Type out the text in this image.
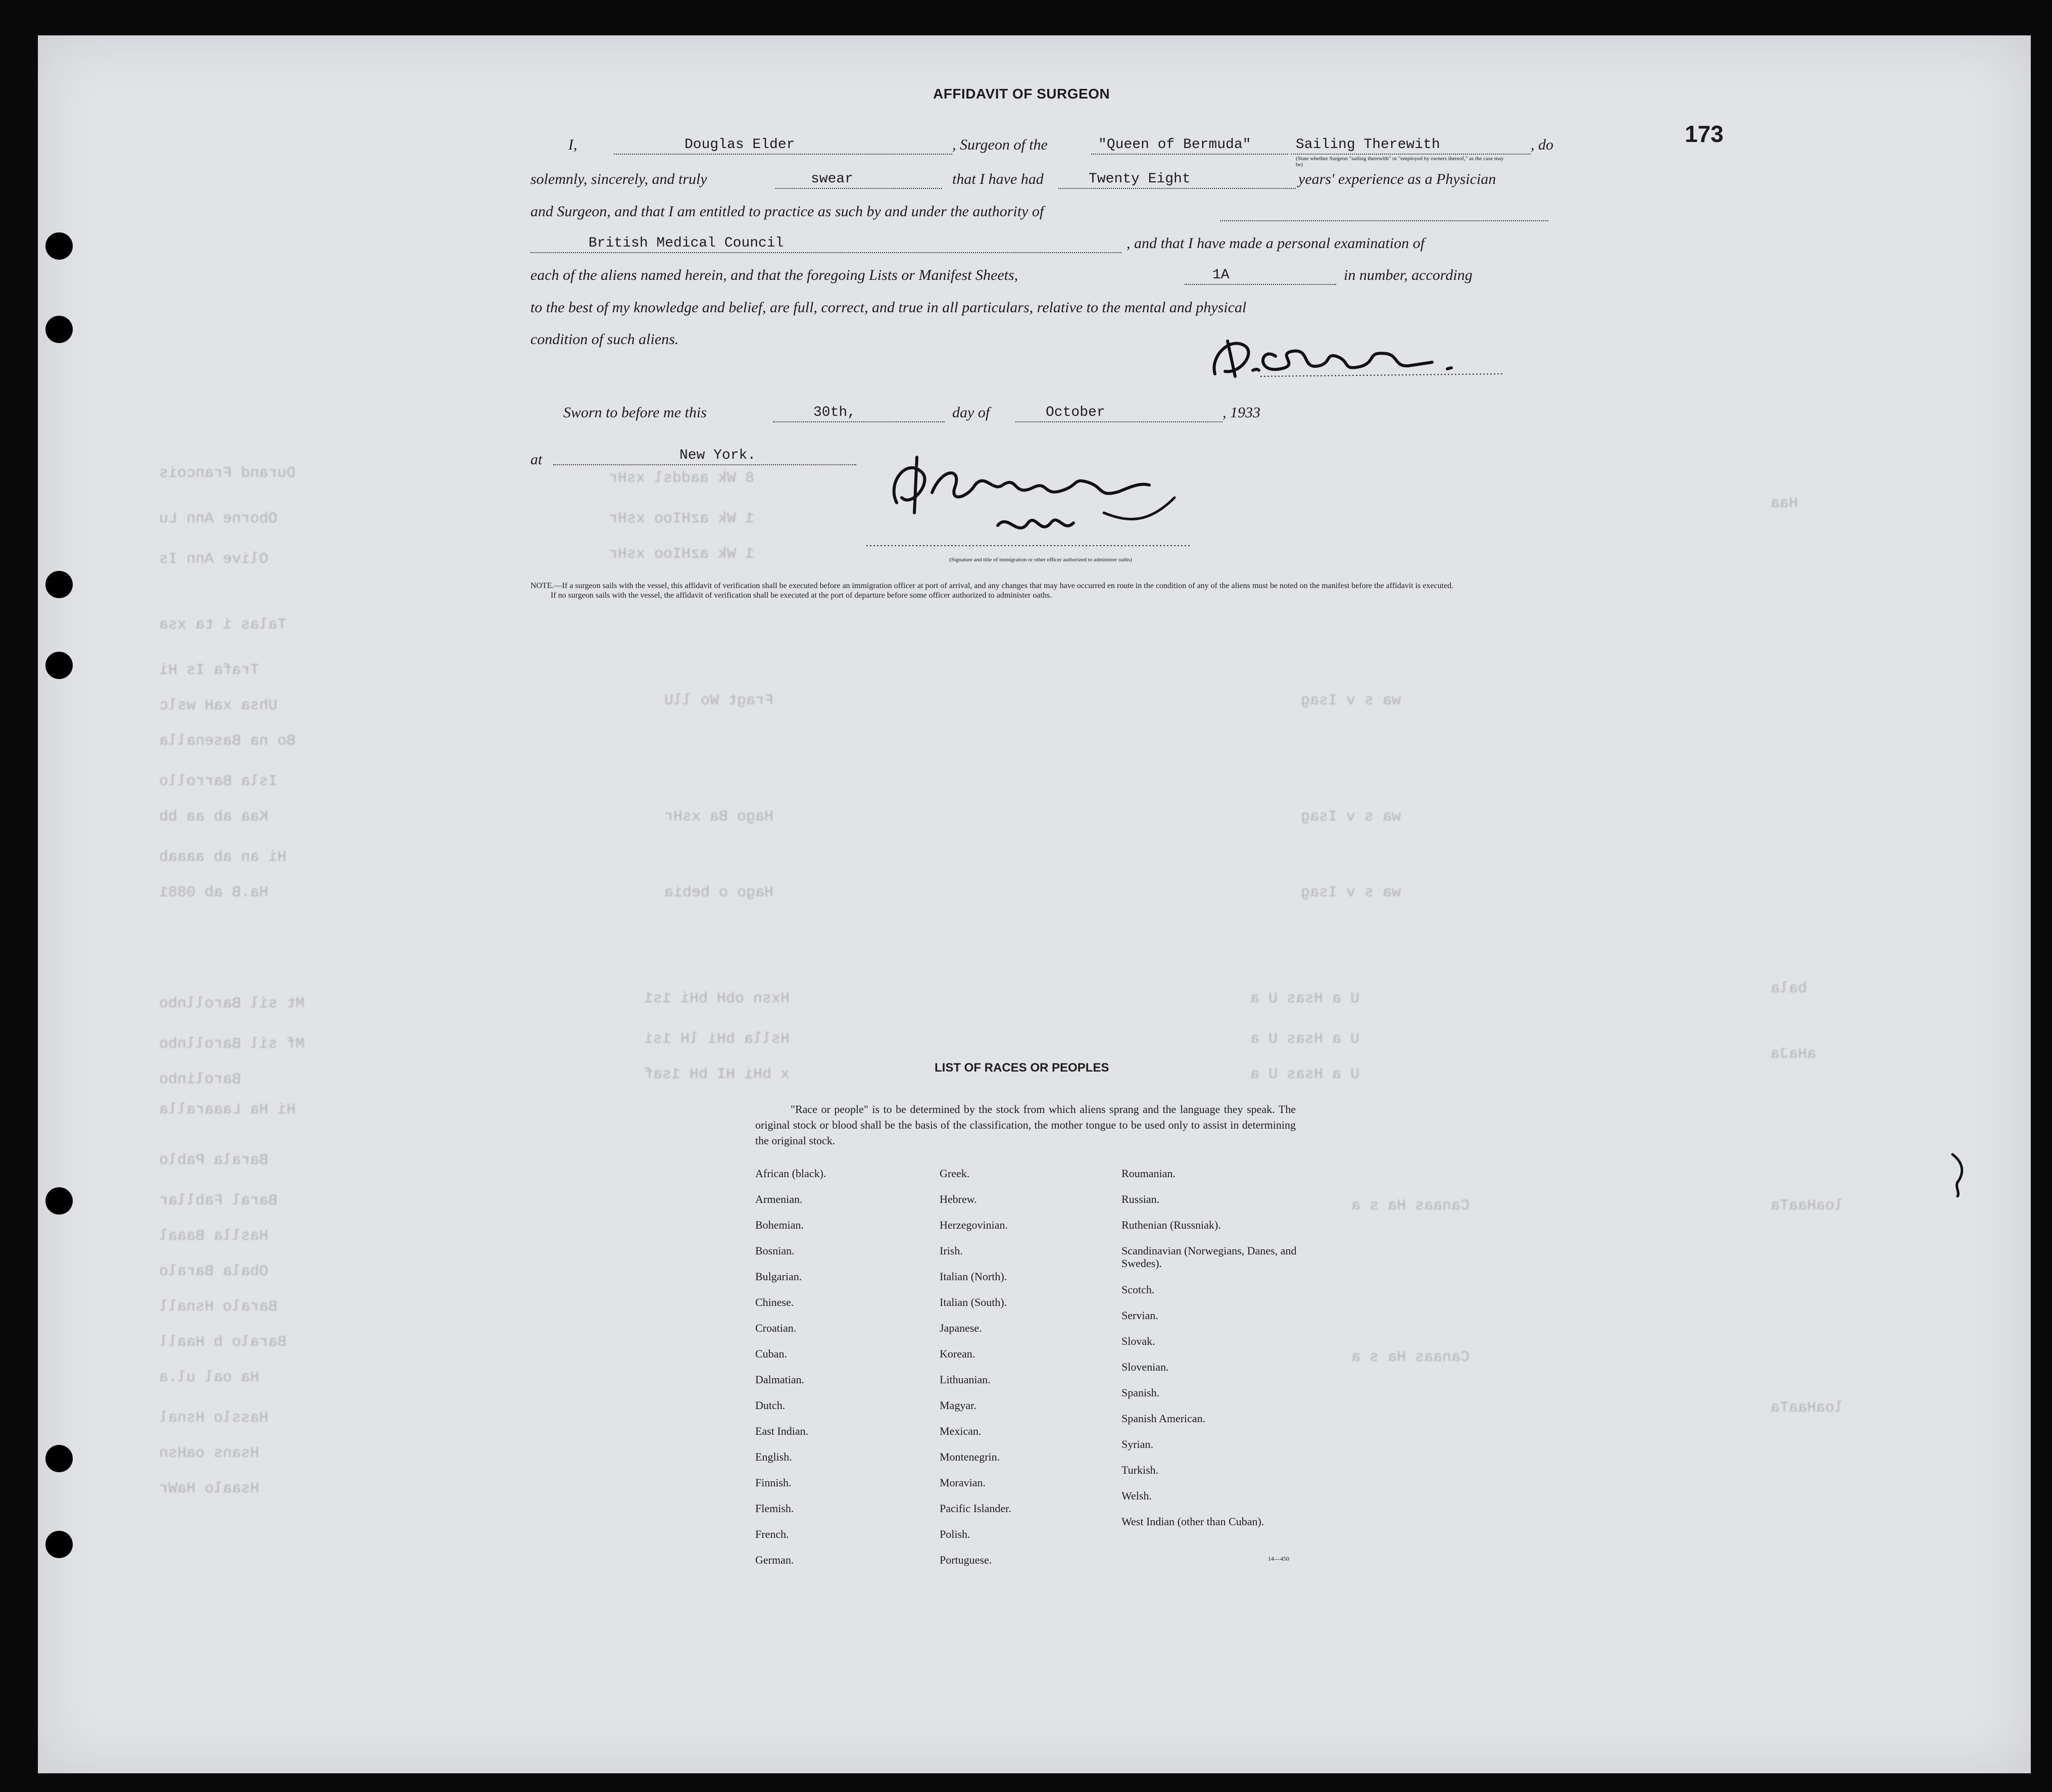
Durand Francois
Oborne Ann Lu
Olive Ann Is
8 Wk aaddsl xsHr
1 Wk azHIoo xsHr
1 Wk azHIoo xsHr
Talas i ta xsa
Trafa Is Hi
Uhsa xaH wslc
Bo na Basenalla
Isla Barrollo
Kaa ab aa bb
Hi an ab aaaab
Ha.B ab 0881
Fragt Wo llU
Hago Ba xsHr
Hago o bebia
wa s v Isag
wa s v Isag
wa s v Isag
Mt sil Barollnbo
Mf sil Barollnbo
Barolinbo
Hi Ha Laaaralla
Hxsn obH bHi 1s1
Hslla bHi lH 1si
x bHi HI bH 1saf
U a Hsas U a
U a Hsas U a
U a Hsas U a
Barala Pablo
Baral Fabllar
Haslla Baaal
Obala Baralo
Baralo Hsnall
Baralo b Haall
Ha oal ul.a
Hasslo Hsnal
Hsans oaHsn
Hsaalo HaWr
Haa
bala
aHaJa
loaHaaTa
loaHaaTa
Canaas Ha s a
Canaas Ha s a
173
AFFIDAVIT OF SURGEON
I,	Douglas Elder	, Surgeon of the	"Queen of Bermuda"	Sailing Therewith	, do
(State whether Surgeon "sailing therewith" or "employed by owners thereof," as the case may be)
solemnly, sincerely, and truly	swear	that I have had	Twenty Eight	years' experience as a Physician
and Surgeon, and that I am entitled to practice as such by and under the authority of
British Medical Council	, and that I have made a personal examination of
each of the aliens named herein, and that the foregoing Lists or Manifest Sheets,	1A	in number, according
to the best of my knowledge and belief, are full, correct, and true in all particulars, relative to the mental and physical
condition of such aliens.
Sworn to before me this	30th,	day of	October	, 1933
at	New York.
(Signature and title of immigration or other officer authorized to administer oaths)
NOTE.—If a surgeon sails with the vessel, this affidavit of verification shall be executed before an immigration officer at port of arrival, and any changes that may have occurred en route in the condition of any of the aliens must be noted on the manifest before the affidavit is executed.
If no surgeon sails with the vessel, the affidavit of verification shall be executed at the port of departure before some officer authorized to administer oaths.
LIST OF RACES OR PEOPLES
"Race or people" is to be determined by the stock from which aliens sprang and the language they speak. The original stock or blood shall be the basis of the classification, the mother tongue to be used only to assist in determining the original stock.
African (black).
Armenian.
Bohemian.
Bosnian.
Bulgarian.
Chinese.
Croatian.
Cuban.
Dalmatian.
Dutch.
East Indian.
English.
Finnish.
Flemish.
French.
German.
Greek.
Hebrew.
Herzegovinian.
Irish.
Italian (North).
Italian (South).
Japanese.
Korean.
Lithuanian.
Magyar.
Mexican.
Montenegrin.
Moravian.
Pacific Islander.
Polish.
Portuguese.
Roumanian.
Russian.
Ruthenian (Russniak).
Scandinavian (Norwegians, Danes, and Swedes).
Scotch.
Servian.
Slovak.
Slovenian.
Spanish.
Spanish American.
Syrian.
Turkish.
Welsh.
West Indian (other than Cuban).
14—450
